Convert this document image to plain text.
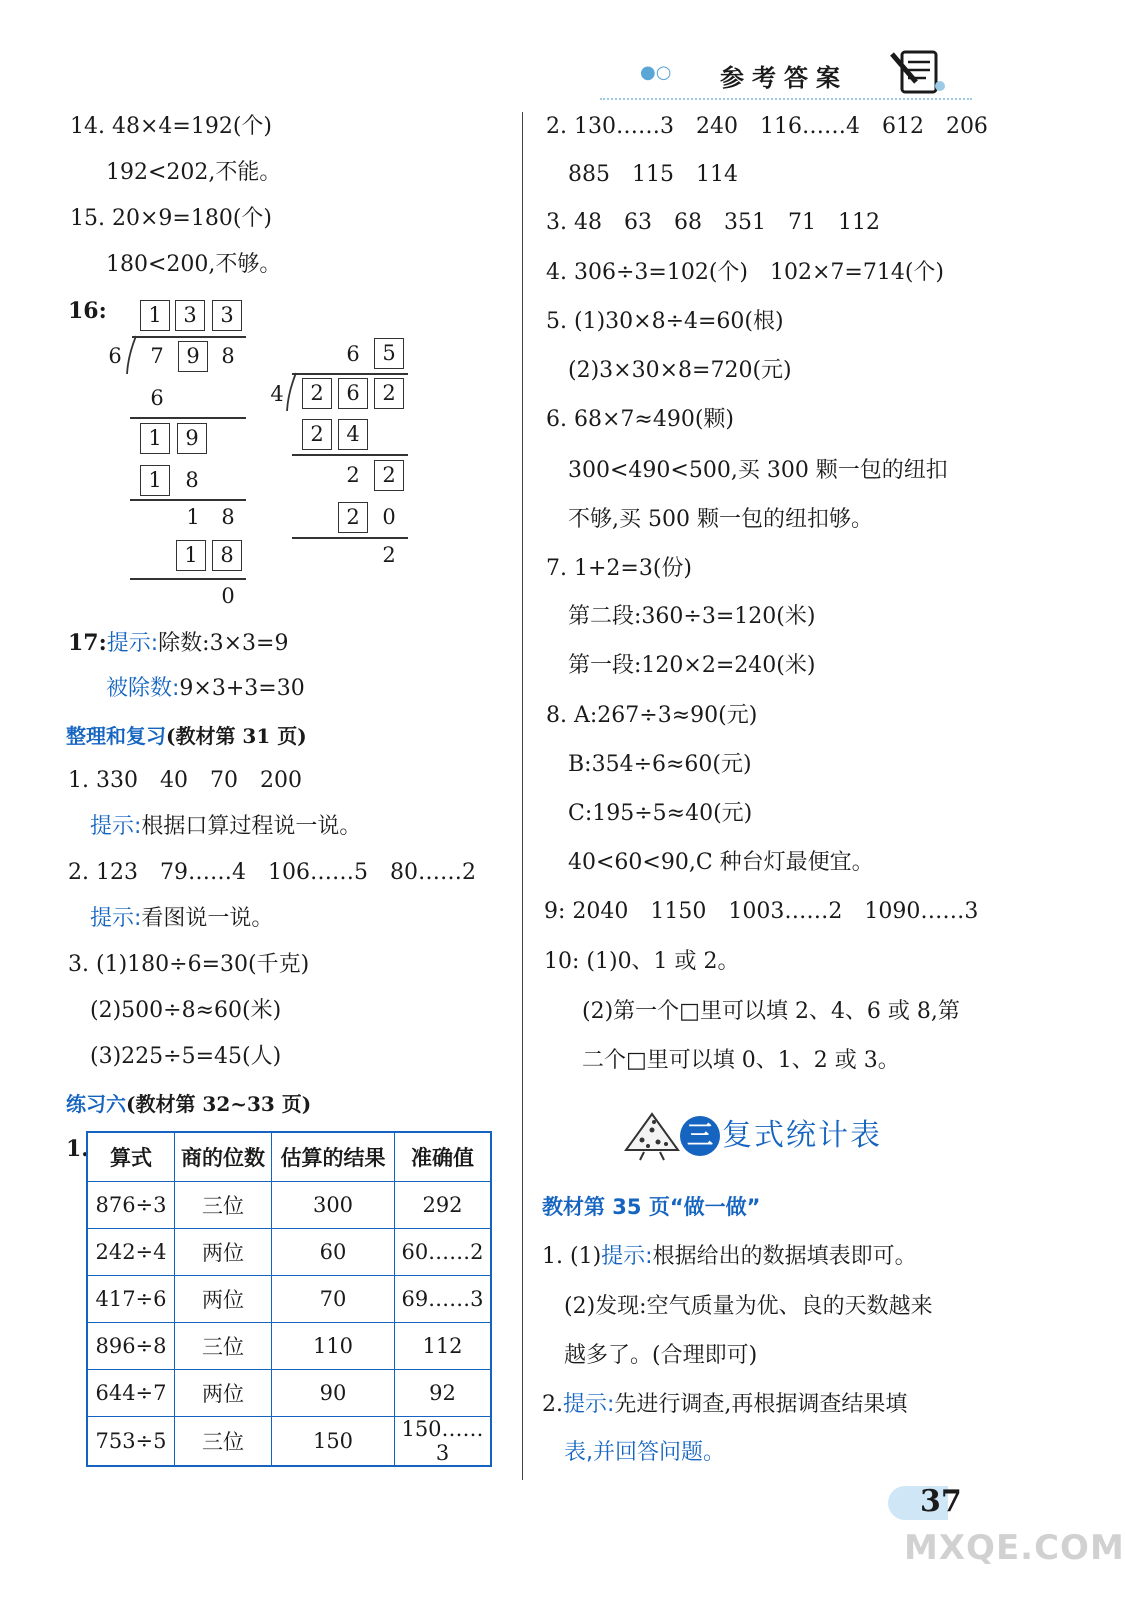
●○ 参考答案
14. 48×4=192(个)
192<202,不能。
15. 20×9=180(个)
180<200,不够。
16:	1	3	3
6	7	9	8
6
1	9
1	8
1	8
1	8
0
6	5
4	2	6	2
2	4
2	2
2	0
2
17:提示:除数:3×3=9
被除数:9×3+3=30
整理和复习(教材第 31 页)
1. 330　40　70　200
提示:根据口算过程说一说。
2. 123　79……4　106……5　80……2
提示:看图说一说。
3. (1)180÷6=30(千克)
(2)500÷8≈60(米)
(3)225÷5=45(人)
练习六(教材第 32~33 页)
1. 算式	商的位数	估算的结果	准确值
876÷3	三位	300	292
242÷4	两位	60	60……2
417÷6	两位	70	69……3
896÷8	三位	110	112
644÷7	两位	90	92
753÷5	三位	150	150……3
2. 130……3　240　116……4　612　206
885　115　114
3. 48　63　68　351　71　112
4. 306÷3=102(个)　102×7=714(个)
5. (1)30×8÷4=60(根)
(2)3×30×8=720(元)
6. 68×7≈490(颗)
300<490<500,买 300 颗一包的纽扣
不够,买 500 颗一包的纽扣够。
7. 1+2=3(份)
第二段:360÷3=120(米)
第一段:120×2=240(米)
8. A:267÷3≈90(元)
B:354÷6≈60(元)
C:195÷5≈40(元)
40<60<90,C 种台灯最便宜。
9: 2040　1150　1003……2　1090……3
10: (1)0、1 或 2。
(2)第一个□里可以填 2、4、6 或 8,第
二个□里可以填 0、1、2 或 3。
三 复式统计表
教材第 35 页“做一做”
1. (1)提示:根据给出的数据填表即可。
(2)发现:空气质量为优、良的天数越来
越多了。(合理即可)
2.提示:先进行调查,再根据调查结果填
表,并回答问题。
37
MXQE.COM
